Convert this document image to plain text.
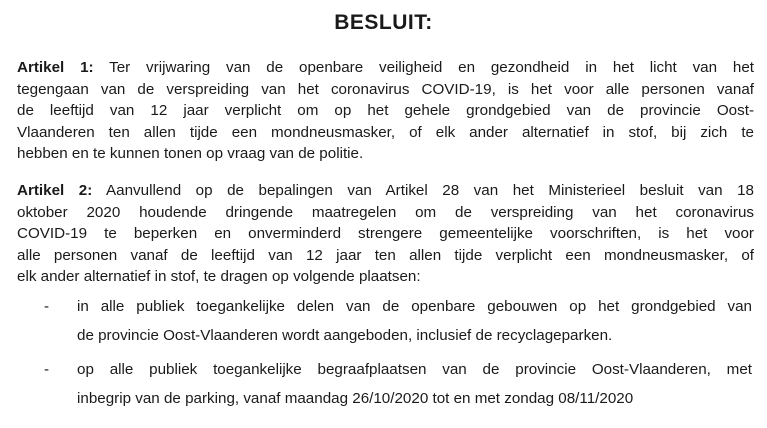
BESLUIT:
Artikel 1: Ter vrijwaring van de openbare veiligheid en gezondheid in het licht van het
tegengaan van de verspreiding van het coronavirus COVID-19, is het voor alle personen vanaf
de leeftijd van 12 jaar verplicht om op het gehele grondgebied van de provincie Oost-
Vlaanderen ten allen tijde een mondneusmasker, of elk ander alternatief in stof, bij zich te
hebben en te kunnen tonen op vraag van de politie.
Artikel 2: Aanvullend op de bepalingen van Artikel 28 van het Ministerieel besluit van 18
oktober 2020 houdende dringende maatregelen om de verspreiding van het coronavirus
COVID-19 te beperken en onverminderd strengere gemeentelijke voorschriften, is het voor
alle personen vanaf de leeftijd van 12 jaar ten allen tijde verplicht een mondneusmasker, of
elk ander alternatief in stof, te dragen op volgende plaatsen:
- in alle publiek toegankelijke delen van de openbare gebouwen op het grondgebied van
de provincie Oost-Vlaanderen wordt aangeboden, inclusief de recyclageparken.
- op alle publiek toegankelijke begraafplaatsen van de provincie Oost-Vlaanderen, met
inbegrip van de parking, vanaf maandag 26/10/2020 tot en met zondag 08/11/2020
